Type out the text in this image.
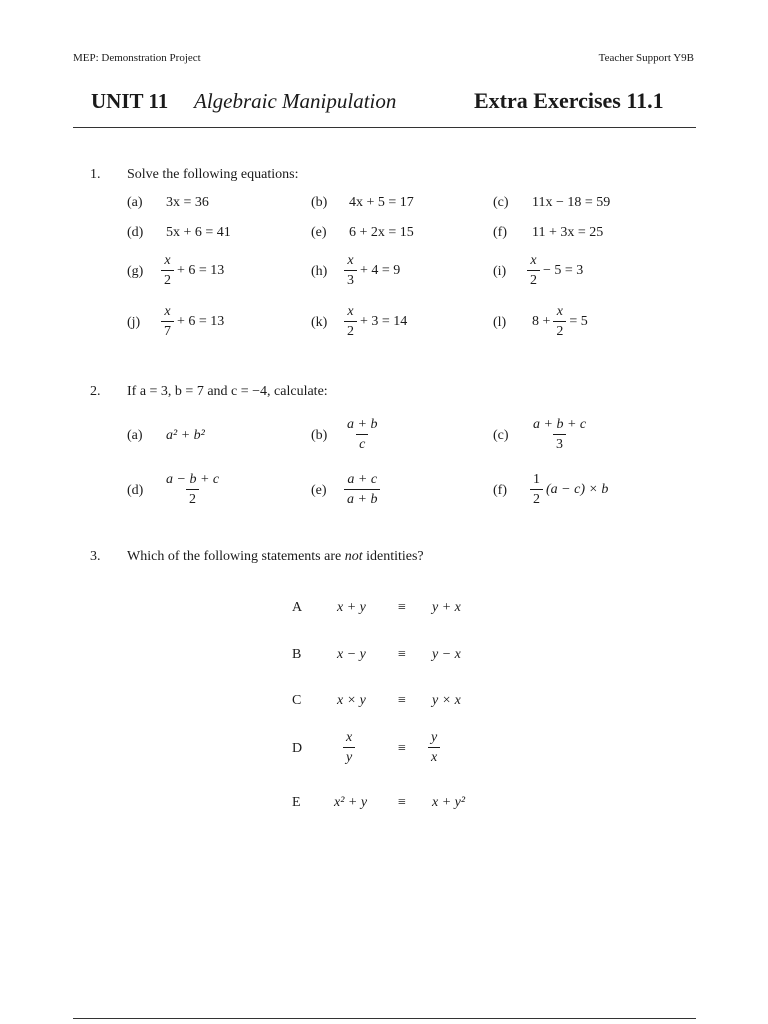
MEP: Demonstration Project	Teacher Support Y9B
UNIT 11 Algebraic Manipulation	Extra Exercises 11.1
1. Solve the following equations:
(a) 3x = 36	(b) 4x + 5 = 17	(c) 11x − 18 = 59
(d) 5x + 6 = 41	(e) 6 + 2x = 15	(f) 11 + 3x = 25
$(g) \frac{x}{2} + 6 = 13$	$(h) \frac{x}{3} + 4 = 9$	$(i) \frac{x}{2} - 5 = 3$
$(j) \frac{x}{7} + 6 = 13$	$(k) \frac{x}{2} + 3 = 14$	(l) $8 + \frac{x}{2} = 5$
2. If a = 3, b = 7 and c = −4, calculate:
(a) a² + b²	$(b) \frac{a + b}{c}$	$(c) \frac{a + b + c}{3}$
$(d) \frac{a - b + c}{2}$	$(e) \frac{a + c}{a + b}$	$(f) \frac{1}{2} (a - c) \times b$
3. Which of the following statements are not identities?
A x + y ≡ y + x
B	x − y ≡ y − x
C	x × y ≡ y × x
D	$\frac{x}{y}$	≡ $\frac{y}{x}$
E x² + y ≡ x + y²
